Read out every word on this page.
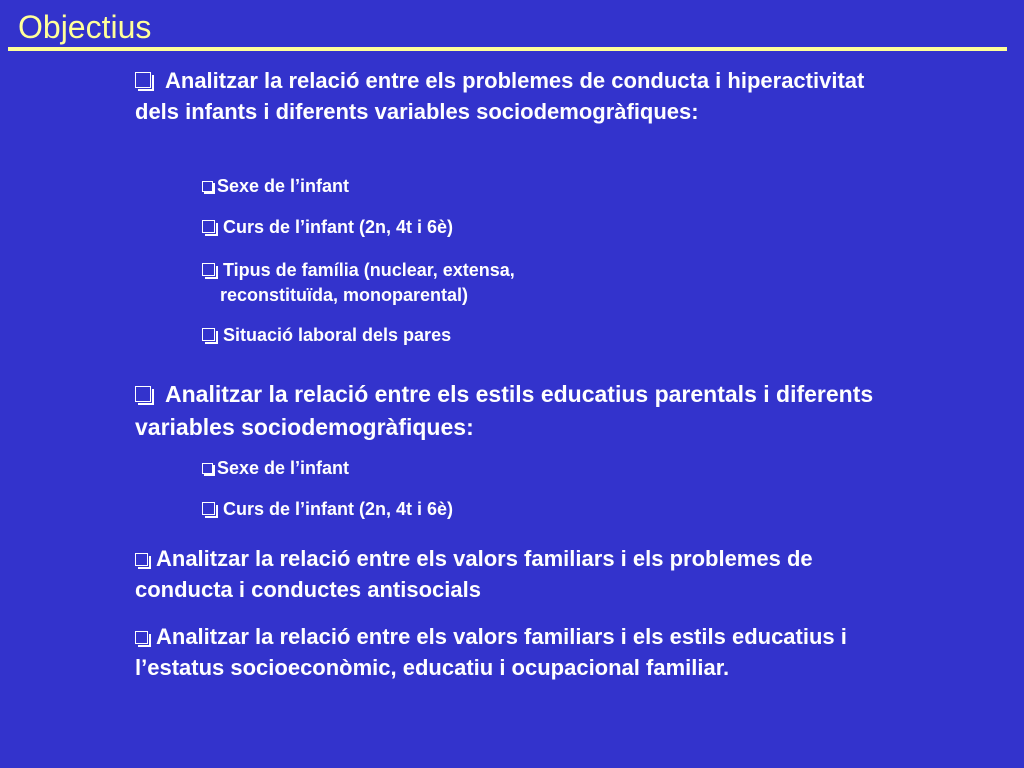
Objectius
Analitzar la relació entre els problemes de conducta i hiperactivitat dels infants i diferents variables sociodemogràfiques:
Sexe de l’infant
Curs de l’infant (2n, 4t i 6è)
Tipus de família (nuclear, extensa,
reconstituïda, monoparental)
Situació laboral dels pares
Analitzar la relació entre els estils educatius parentals i diferents variables sociodemogràfiques:
Sexe de l’infant
Curs de l’infant (2n, 4t i 6è)
Analitzar la relació entre els valors familiars i els problemes de conducta i conductes antisocials
Analitzar la relació entre els valors familiars i els estils educatius i l’estatus socioeconòmic, educatiu i ocupacional familiar.
